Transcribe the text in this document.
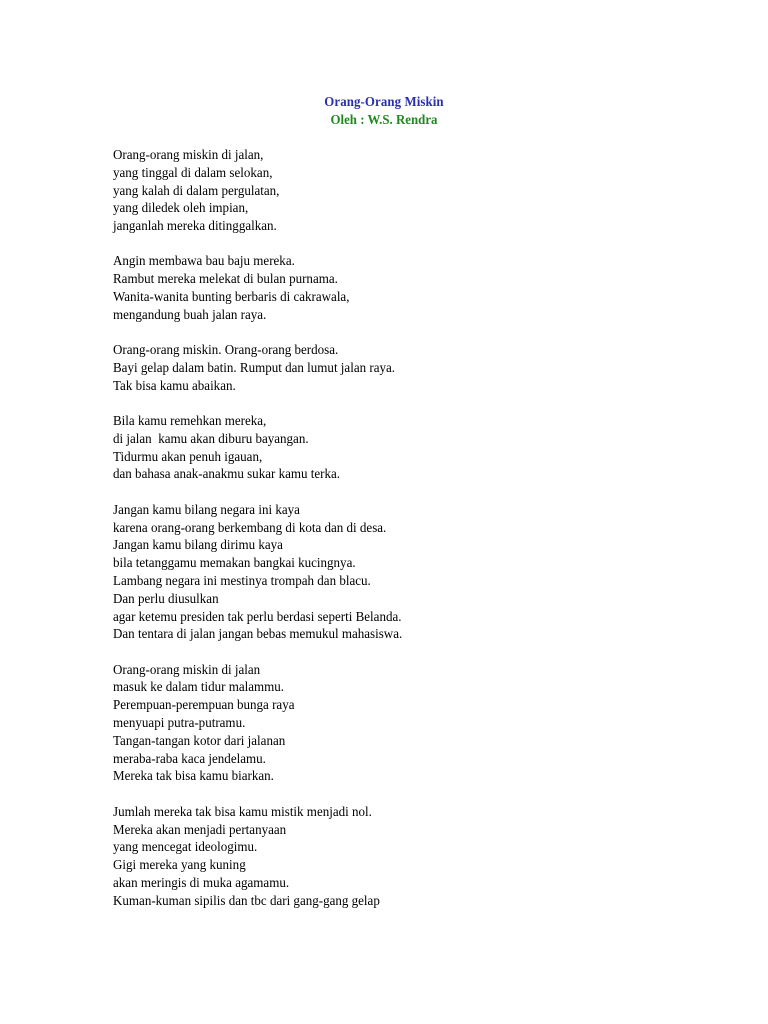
Orang-Orang Miskin
Oleh : W.S. Rendra
Orang-orang miskin di jalan,
yang tinggal di dalam selokan,
yang kalah di dalam pergulatan,
yang diledek oleh impian,
janganlah mereka ditinggalkan.
Angin membawa bau baju mereka.
Rambut mereka melekat di bulan purnama.
Wanita-wanita bunting berbaris di cakrawala,
mengandung buah jalan raya.
Orang-orang miskin. Orang-orang berdosa.
Bayi gelap dalam batin. Rumput dan lumut jalan raya.
Tak bisa kamu abaikan.
Bila kamu remehkan mereka,
di jalan  kamu akan diburu bayangan.
Tidurmu akan penuh igauan,
dan bahasa anak-anakmu sukar kamu terka.
Jangan kamu bilang negara ini kaya
karena orang-orang berkembang di kota dan di desa.
Jangan kamu bilang dirimu kaya
bila tetanggamu memakan bangkai kucingnya.
Lambang negara ini mestinya trompah dan blacu.
Dan perlu diusulkan
agar ketemu presiden tak perlu berdasi seperti Belanda.
Dan tentara di jalan jangan bebas memukul mahasiswa.
Orang-orang miskin di jalan
masuk ke dalam tidur malammu.
Perempuan-perempuan bunga raya
menyuapi putra-putramu.
Tangan-tangan kotor dari jalanan
meraba-raba kaca jendelamu.
Mereka tak bisa kamu biarkan.
Jumlah mereka tak bisa kamu mistik menjadi nol.
Mereka akan menjadi pertanyaan
yang mencegat ideologimu.
Gigi mereka yang kuning
akan meringis di muka agamamu.
Kuman-kuman sipilis dan tbc dari gang-gang gelap
